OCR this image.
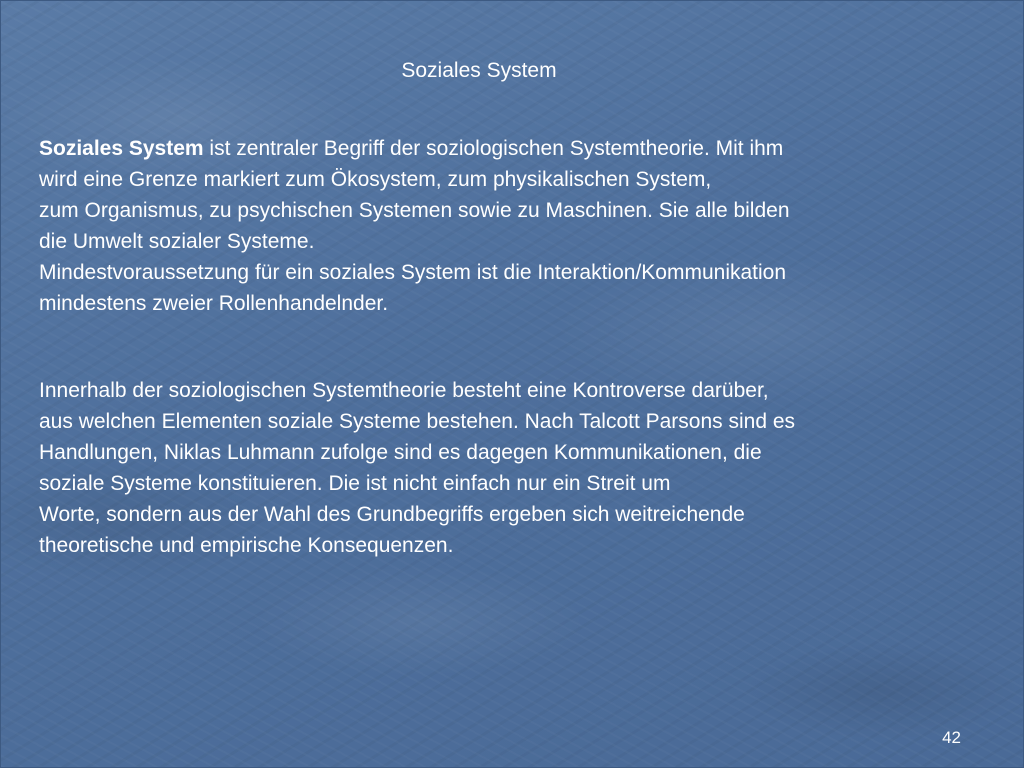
Soziales System
Soziales System ist zentraler Begriff der soziologischen Systemtheorie. Mit ihm
wird eine Grenze markiert zum Ökosystem, zum physikalischen System,
zum Organismus, zu psychischen Systemen sowie zu Maschinen. Sie alle bilden
die Umwelt sozialer Systeme.
Mindestvoraussetzung für ein soziales System ist die Interaktion/Kommunikation
mindestens zweier Rollenhandelnder.
Innerhalb der soziologischen Systemtheorie besteht eine Kontroverse darüber,
aus welchen Elementen soziale Systeme bestehen. Nach Talcott Parsons sind es
Handlungen, Niklas Luhmann zufolge sind es dagegen Kommunikationen, die
soziale Systeme konstituieren. Die ist nicht einfach nur ein Streit um
Worte, sondern aus der Wahl des Grundbegriffs ergeben sich weitreichende
theoretische und empirische Konsequenzen.
42
